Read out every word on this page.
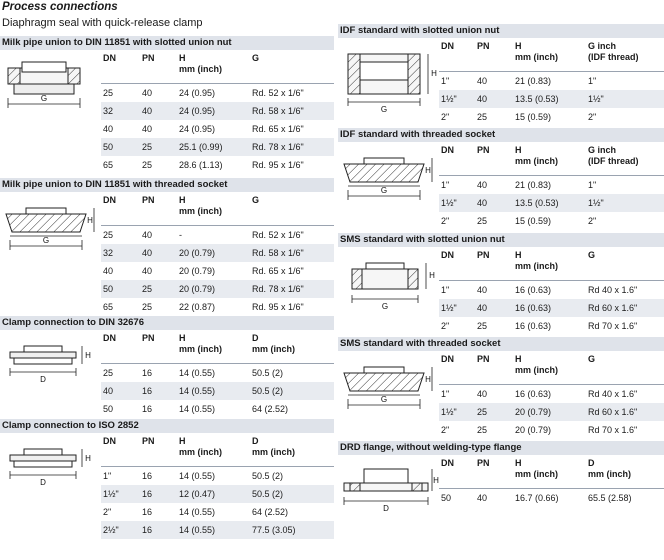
Process connections
Diaphragm seal with quick-release clamp
Milk pipe union to DIN 11851 with slotted union nut
G
DN	PN	H
mm (inch)
G
25	40	24 (0.95)	Rd. 52 x 1/6"
32	40	24 (0.95)	Rd. 58 x 1/6"
40	40	24 (0.95)	Rd. 65 x 1/6"
50	25	25.1 (0.99)	Rd. 78 x 1/6"
65	25	28.6 (1.13)	Rd. 95 x 1/6"
Milk pipe union to DIN 11851 with threaded socket
G
H
DN	PN	H
mm (inch)
G
25	40	-	Rd. 52 x 1/6"
32	40	20 (0.79)	Rd. 58 x 1/6"
40	40	20 (0.79)	Rd. 65 x 1/6"
50	25	20 (0.79)	Rd. 78 x 1/6"
65	25	22 (0.87)	Rd. 95 x 1/6"
Clamp connection to DIN 32676
D
H
DN	PN	H
mm (inch)
D
mm (inch)
25	16	14 (0.55)	50.5 (2)
40	16	14 (0.55)	50.5 (2)
50	16	14 (0.55)	64 (2.52)
Clamp connection to ISO 2852
D
H
DN	PN	H
mm (inch)
D
mm (inch)
1"	16	14 (0.55)	50.5 (2)
1½"	16	12 (0.47)	50.5 (2)
2"	16	14 (0.55)	64 (2.52)
2½"	16	14 (0.55)	77.5 (3.05)
IDF standard with slotted union nut
G
H
DN	PN	H
mm (inch)
G inch
(IDF thread)
1"	40	21 (0.83)	1"
1½" 40	13.5 (0.53)	1½"
2"	25	15 (0.59)	2"
IDF standard with threaded socket
G
H
DN	PN	H
mm (inch)
G inch
(IDF thread)
1"	40	21 (0.83)	1"
1½" 40	13.5 (0.53)	1½"
2"	25	15 (0.59)	2"
SMS standard with slotted union nut
G
H
DN	PN	H
mm (inch)
G
1"	40	16 (0.63)	Rd 40 x 1.6"
1½" 40	16 (0.63)	Rd 60 x 1.6"
2"	25	16 (0.63)	Rd 70 x 1.6"
SMS standard with threaded socket
G
H
DN	PN	H
mm (inch)
G
1"	40	16 (0.63)	Rd 40 x 1.6"
1½" 25	20 (0.79)	Rd 60 x 1.6"
2"	25	20 (0.79)	Rd 70 x 1.6"
DRD flange, without welding-type flange
D
H
DN	PN	H
mm (inch)
D
mm (inch)
50	40	16.7 (0.66)	65.5 (2.58)
